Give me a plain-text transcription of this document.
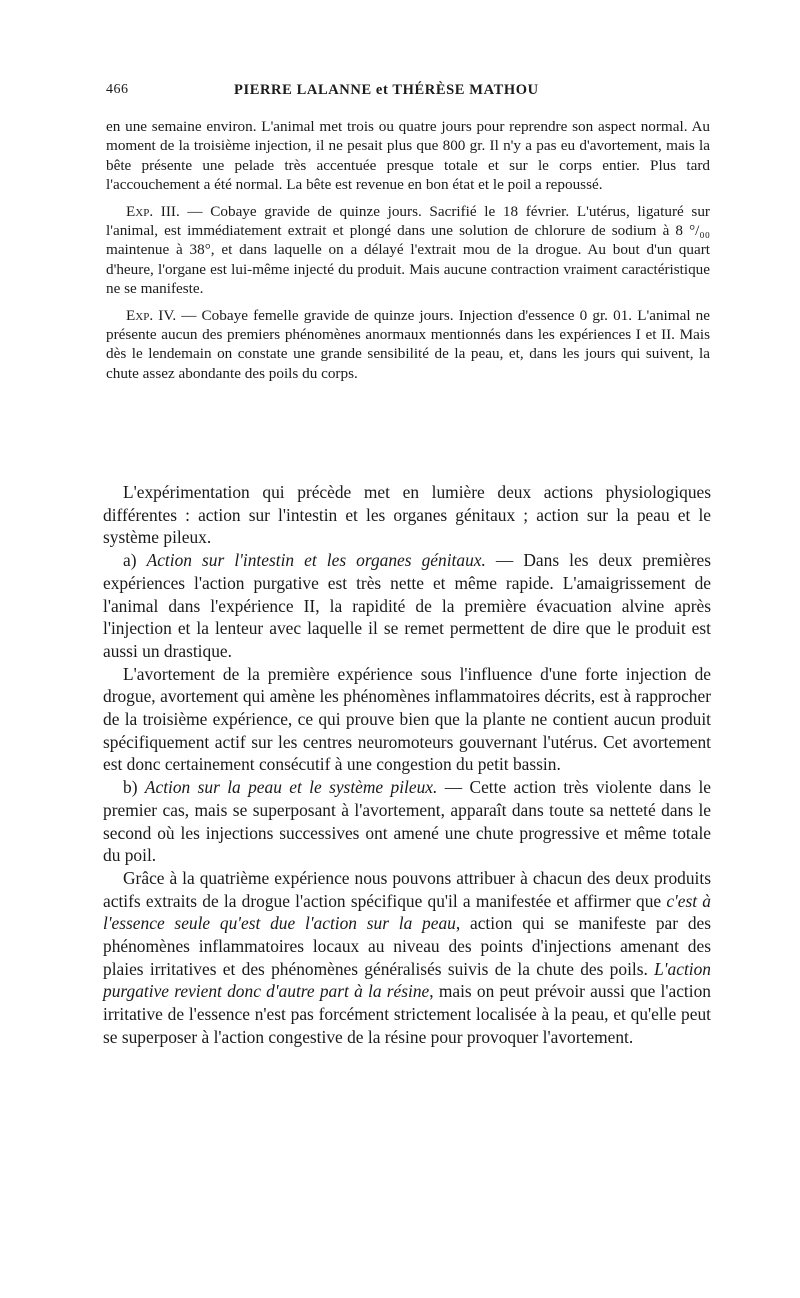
466	PIERRE LALANNE et THÉRÈSE MATHOU

en une semaine environ. L'animal met trois ou quatre jours pour reprendre son aspect normal. Au moment de la troisième injection, il ne pesait plus que 800 gr. Il n'y a pas eu d'avortement, mais la bête présente une pelade très accentuée presque totale et sur le corps entier. Plus tard l'accouchement a été normal. La bête est revenue en bon état et le poil a repoussé.

Exp. III. — Cobaye gravide de quinze jours. Sacrifié le 18 février. L'utérus, ligaturé sur l'animal, est immédiatement extrait et plongé dans une solution de chlorure de sodium à 8 °/₀₀ maintenue à 38°, et dans laquelle on a délayé l'extrait mou de la drogue. Au bout d'un quart d'heure, l'organe est lui-même injecté du produit. Mais aucune contraction vraiment caractéristique ne se manifeste.

Exp. IV. — Cobaye femelle gravide de quinze jours. Injection d'essence 0 gr. 01. L'animal ne présente aucun des premiers phénomènes anormaux mentionnés dans les expériences I et II. Mais dès le lendemain on constate une grande sensibilité de la peau, et, dans les jours qui suivent, la chute assez abondante des poils du corps.

L'expérimentation qui précède met en lumière deux actions physiologiques différentes : action sur l'intestin et les organes génitaux ; action sur la peau et le système pileux.

a) Action sur l'intestin et les organes génitaux. — Dans les deux premières expériences l'action purgative est très nette et même rapide. L'amaigrissement de l'animal dans l'expérience II, la rapidité de la première évacuation alvine après l'injection et la lenteur avec laquelle il se remet permettent de dire que le produit est aussi un drastique.

L'avortement de la première expérience sous l'influence d'une forte injection de drogue, avortement qui amène les phénomènes inflammatoires décrits, est à rapprocher de la troisième expérience, ce qui prouve bien que la plante ne contient aucun produit spécifiquement actif sur les centres neuromoteurs gouvernant l'utérus. Cet avortement est donc certainement consécutif à une congestion du petit bassin.

b) Action sur la peau et le système pileux. — Cette action très violente dans le premier cas, mais se superposant à l'avortement, apparaît dans toute sa netteté dans le second où les injections successives ont amené une chute progressive et même totale du poil.

Grâce à la quatrième expérience nous pouvons attribuer à chacun des deux produits actifs extraits de la drogue l'action spécifique qu'il a manifestée et affirmer que c'est à l'essence seule qu'est due l'action sur la peau, action qui se manifeste par des phénomènes inflammatoires locaux au niveau des points d'injections amenant des plaies irritatives et des phénomènes généralisés suivis de la chute des poils. L'action purgative revient donc d'autre part à la résine, mais on peut prévoir aussi que l'action irritative de l'essence n'est pas forcément strictement localisée à la peau, et qu'elle peut se superposer à l'action congestive de la résine pour provoquer l'avortement.
